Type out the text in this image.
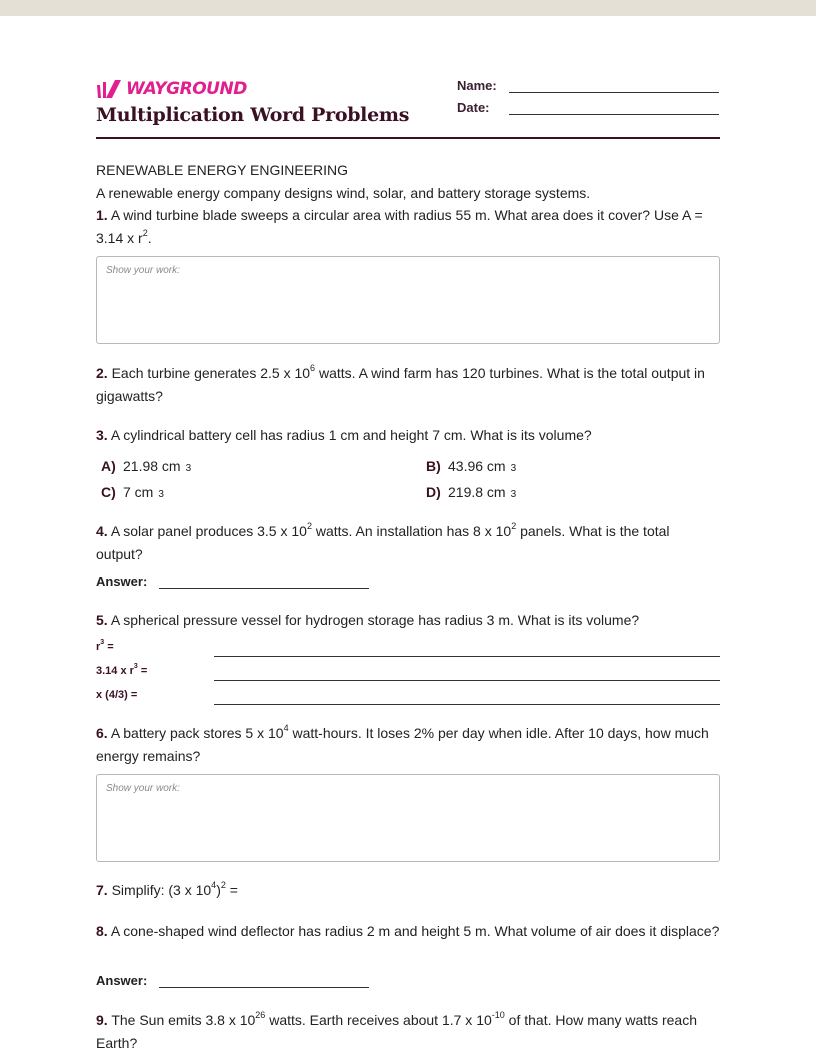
WAYGROUND
Multiplication Word Problems
Name:
Date:
RENEWABLE ENERGY ENGINEERING
A renewable energy company designs wind, solar, and battery storage systems.
1. A wind turbine blade sweeps a circular area with radius 55 m. What area does it cover? Use A = 3.14 x $r^2$.
Show your work:
2. Each turbine generates 2.5 x $10^6$ watts. A wind farm has 120 turbines. What is the total output in gigawatts?
3. A cylindrical battery cell has radius 1 cm and height 7 cm. What is its volume?
A) 21.98 cm 3	B) 43.96 cm 3
C) 7 cm 3	D) 219.8 cm 3
4. A solar panel produces 3.5 x $10^2$ watts. An installation has 8 x $10^2$ panels. What is the total output?
Answer:
5. A spherical pressure vessel for hydrogen storage has radius 3 m. What is its volume?
$r^3$ =
3.14 x $r^3$ =
x (4/3) =
6. A battery pack stores 5 x $10^4$ watt-hours. It loses 2% per day when idle. After 10 days, how much energy remains?
Show your work:
7. Simplify: (3 x $10^4)^2$ =
8. A cone-shaped wind deflector has radius 2 m and height 5 m. What volume of air does it displace?
Answer:
9. The Sun emits 3.8 x $10^{26}$ watts. Earth receives about 1.7 x $10^{-10}$ of that. How many watts reach Earth?
